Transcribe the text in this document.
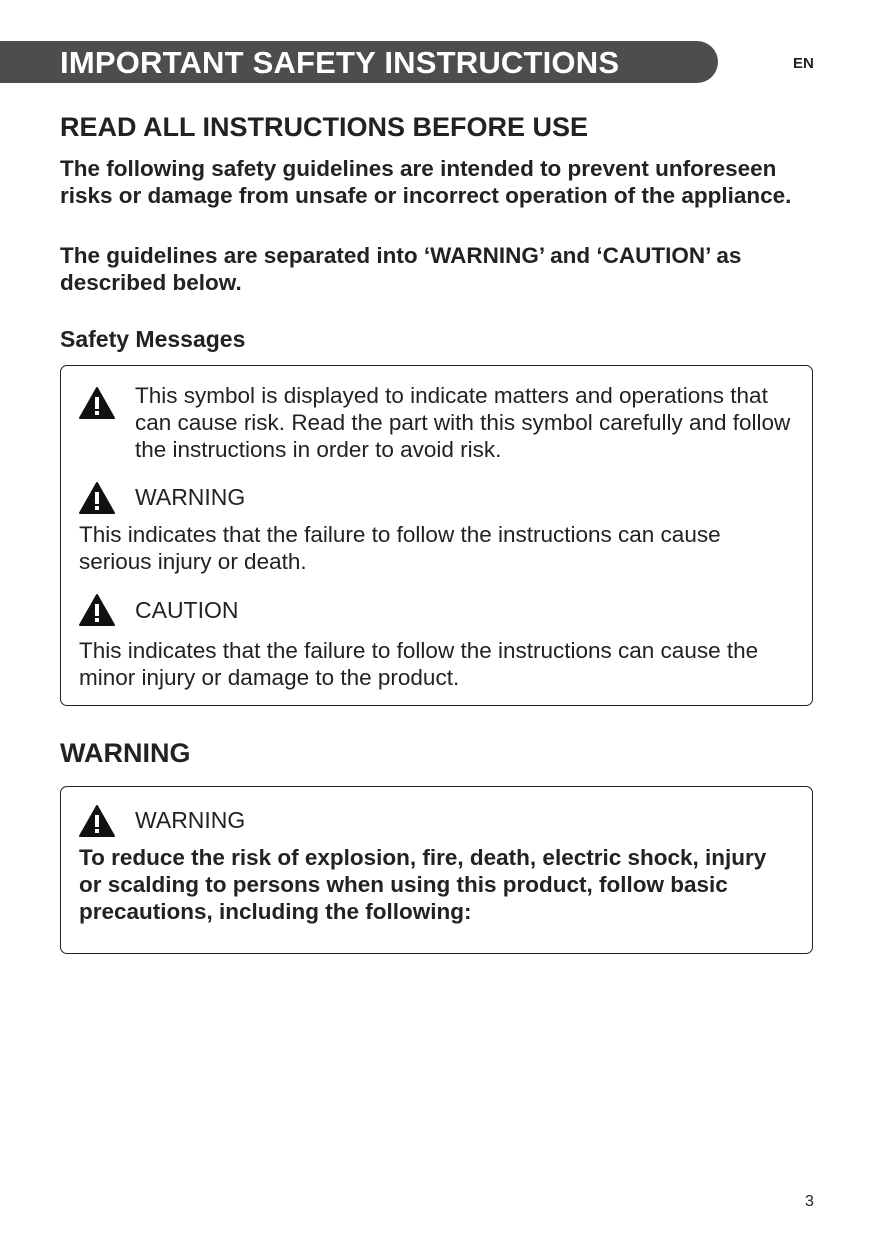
IMPORTANT SAFETY INSTRUCTIONS	EN
READ ALL INSTRUCTIONS BEFORE USE

The following safety guidelines are intended to prevent unforeseen risks or damage from unsafe or incorrect operation of the appliance.

The guidelines are separated into ‘WARNING’ and ‘CAUTION’ as described below.

Safety Messages
This symbol is displayed to indicate matters and operations that can cause risk. Read the part with this symbol carefully and follow the instructions in order to avoid risk.
WARNING
This indicates that the failure to follow the instructions can cause serious injury or death.
CAUTION
This indicates that the failure to follow the instructions can cause the minor injury or damage to the product.
WARNING
WARNING
To reduce the risk of explosion, fire, death, electric shock, injury or scalding to persons when using this product, follow basic precautions, including the following:
3
